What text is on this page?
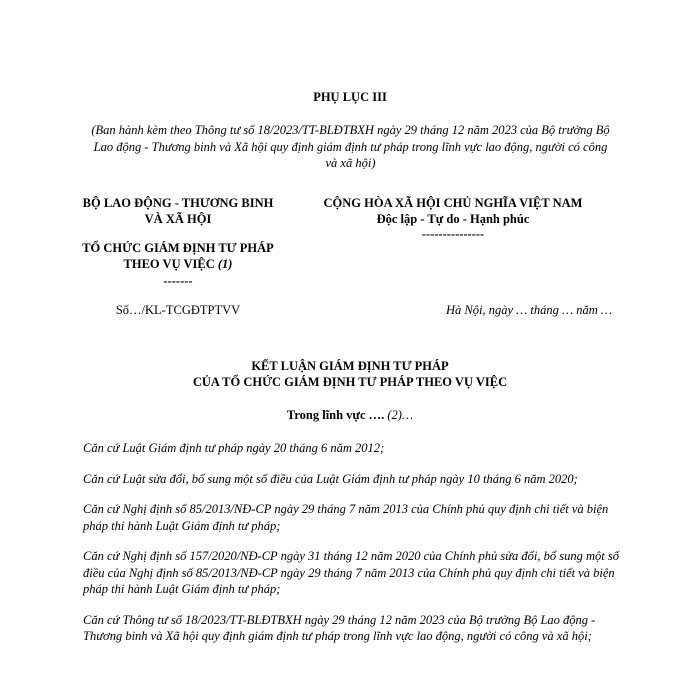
PHỤ LỤC III
(Ban hành kèm theo Thông tư số 18/2023/TT-BLĐTBXH ngày 29 tháng 12 năm 2023 của Bộ trưởng Bộ Lao động - Thương binh và Xã hội quy định giám định tư pháp trong lĩnh vực lao động, người có công và xã hội)
BỘ LAO ĐỘNG - THƯƠNG BINH VÀ XÃ HỘI
TỔ CHỨC GIÁM ĐỊNH TƯ PHÁP THEO VỤ VIỆC (1)
-------
CỘNG HÒA XÃ HỘI CHỦ NGHĨA VIỆT NAM
Độc lập - Tự do - Hạnh phúc
---------------
Số…/KL-TCGĐTPTVV	Hà Nội, ngày … tháng … năm …
KẾT LUẬN GIÁM ĐỊNH TƯ PHÁP
CỦA TỔ CHỨC GIÁM ĐỊNH TƯ PHÁP THEO VỤ VIỆC
Trong lĩnh vực …. (2)…

Căn cứ Luật Giám định tư pháp ngày 20 tháng 6 năm 2012;

Căn cứ Luật sửa đổi, bổ sung một số điều của Luật Giám định tư pháp ngày 10 tháng 6 năm 2020;

Căn cứ Nghị định số 85/2013/NĐ-CP ngày 29 tháng 7 năm 2013 của Chính phủ quy định chi tiết và biện pháp thi hành Luật Giám định tư pháp;

Căn cứ Nghị định số 157/2020/NĐ-CP ngày 31 tháng 12 năm 2020 của Chính phủ sửa đổi, bổ sung một số điều của Nghị định số 85/2013/NĐ-CP ngày 29 tháng 7 năm 2013 của Chính phủ quy định chi tiết và biện pháp thi hành Luật Giám định tư pháp;

Căn cứ Thông tư số 18/2023/TT-BLĐTBXH ngày 29 tháng 12 năm 2023 của Bộ trưởng Bộ Lao động - Thương binh và Xã hội quy định giám định tư pháp trong lĩnh vực lao động, người có công và xã hội;
